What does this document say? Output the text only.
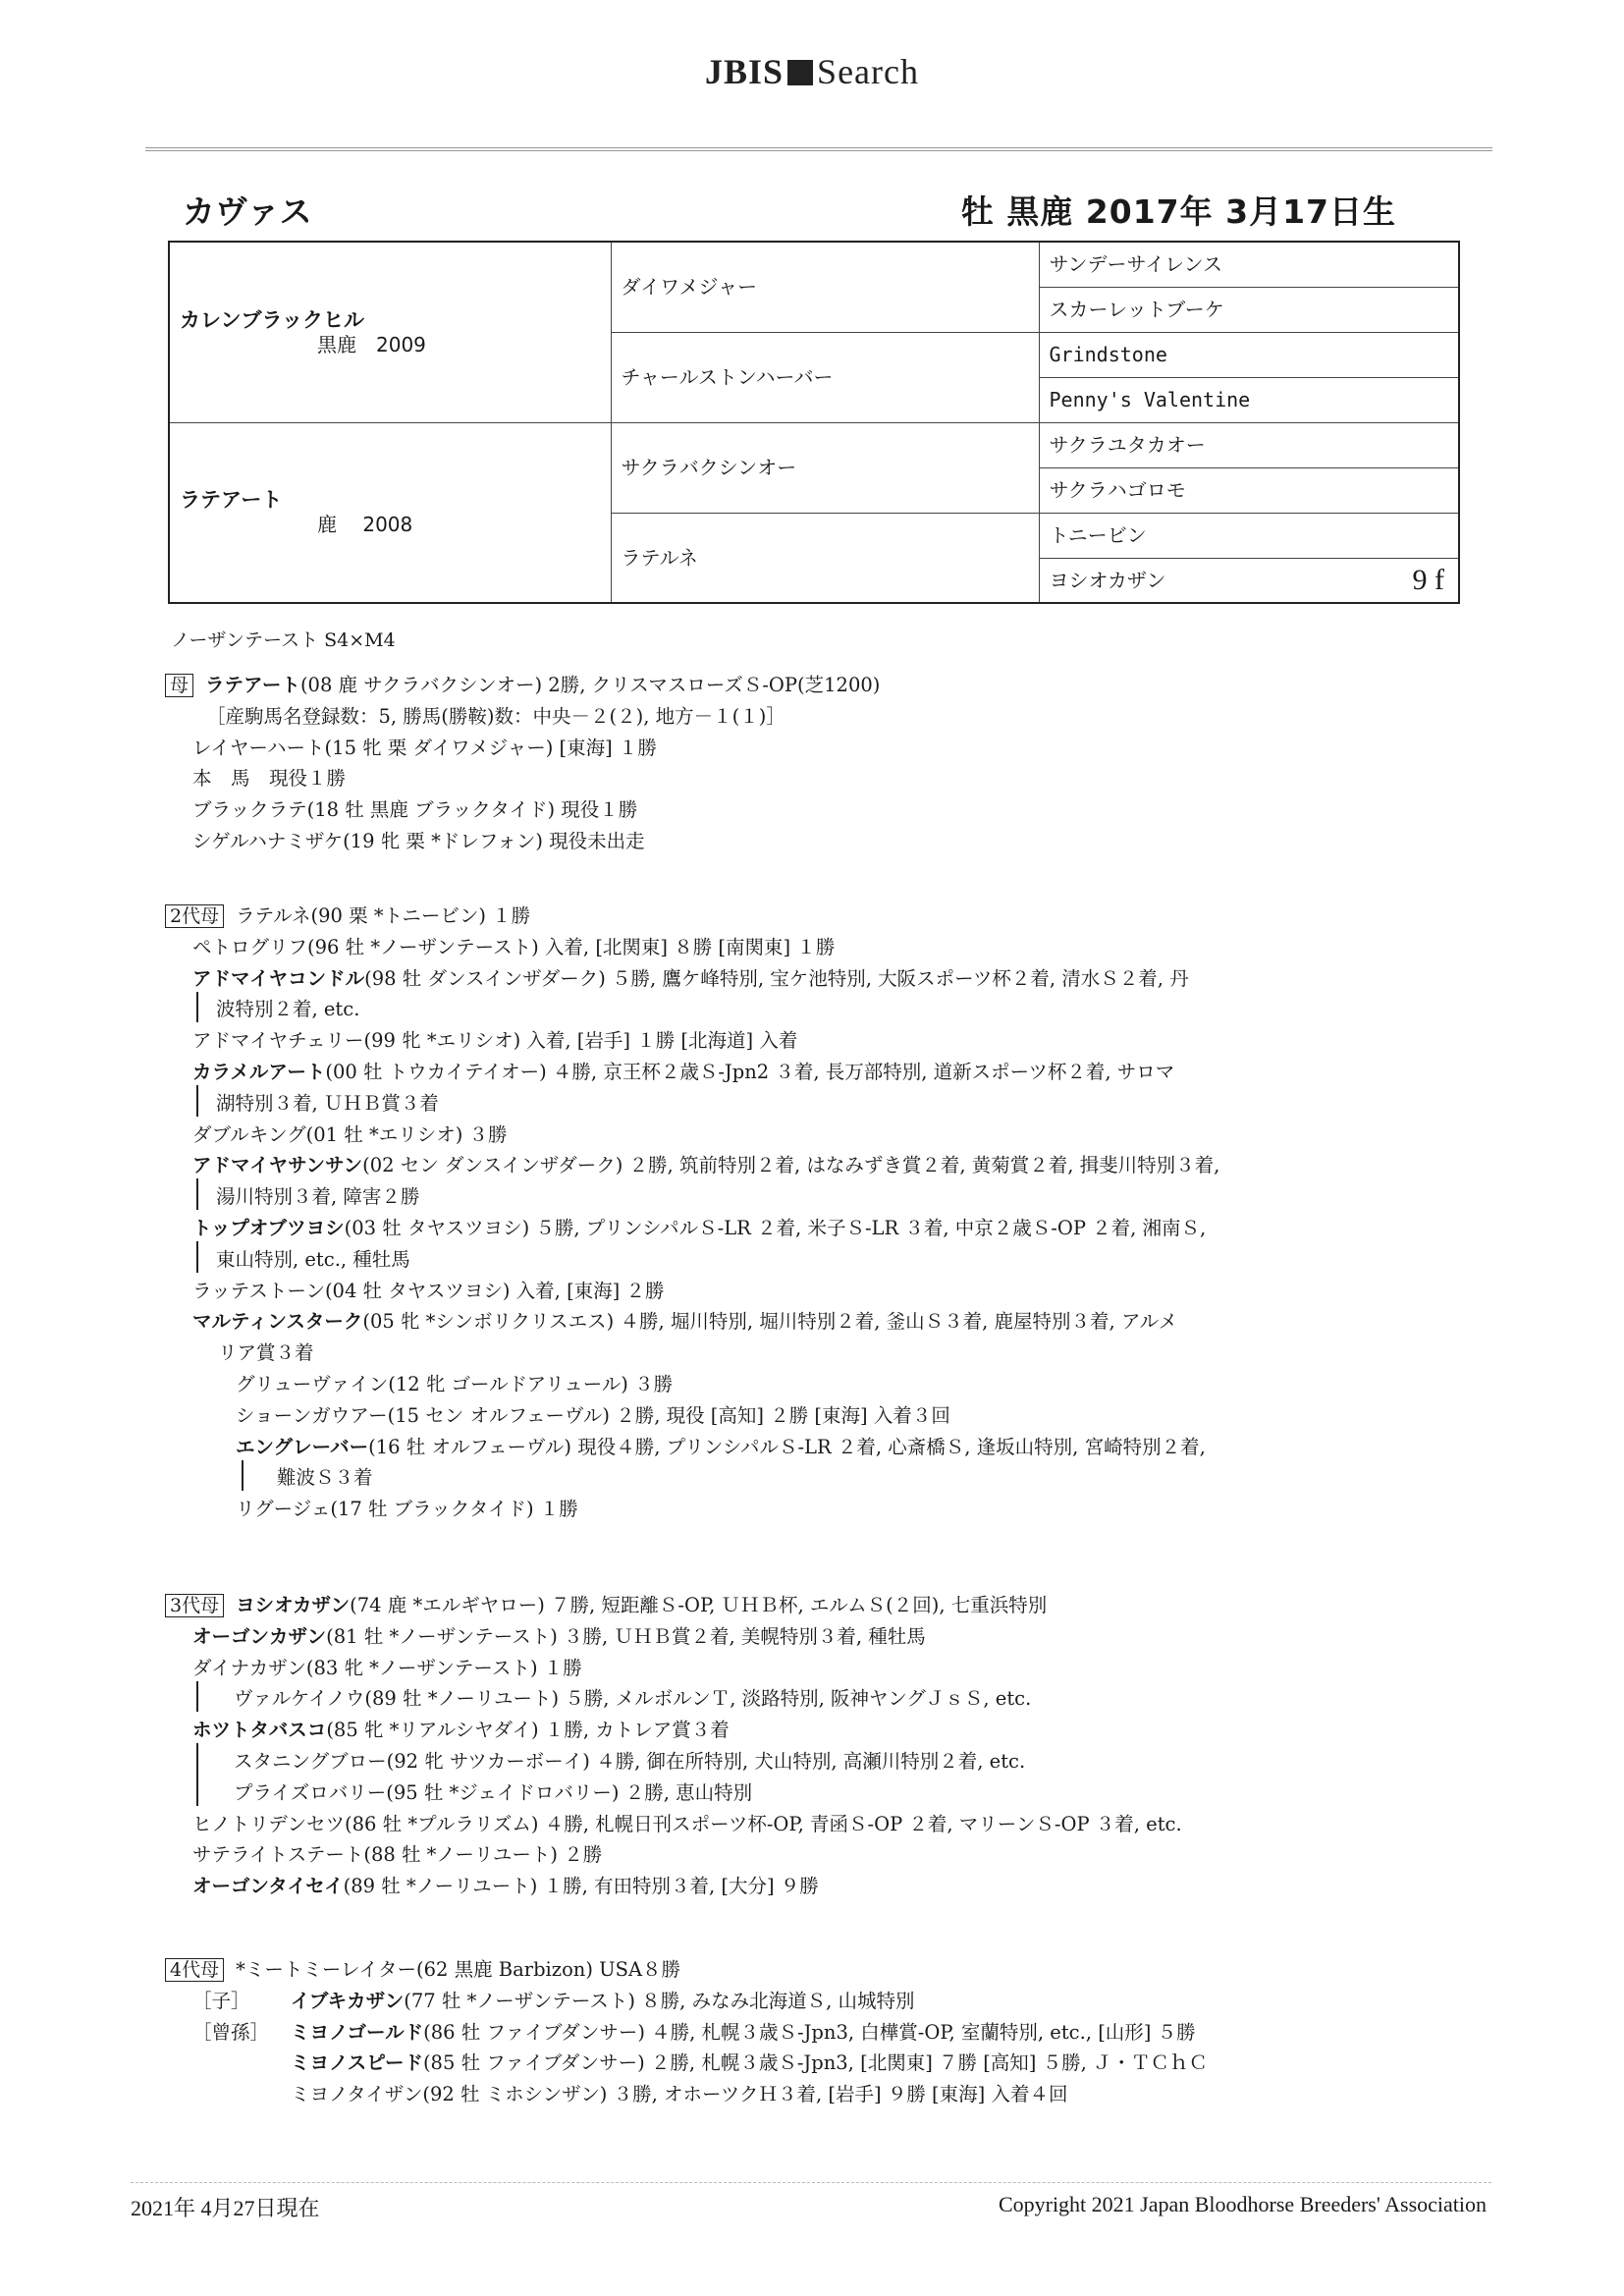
JBIS Search
カヴァス	牡 黒鹿 2017年 3月17日生
カレンブラックヒル
黒鹿　2009	ダイワメジャー	サンデーサイレンス
		スカーレットブーケ
	チャールストンハーバー	Grindstone
		Penny's Valentine

ラテアート
鹿　 2008	サクラバクシンオー	サクラユタカオー
		サクラハゴロモ
	ラテルネ	トニービン
		ヨシオカザン 9 f
ノーザンテースト S4×M4
母 ラテアート(08 鹿 サクラバクシンオー) 2勝, クリスマスローズＳ-OP(芝1200)
［産駒馬名登録数：5, 勝馬(勝鞍)数：中央－２(２), 地方－１(１)］
レイヤーハート(15 牝 栗 ダイワメジャー) [東海] １勝
本　馬　現役１勝
ブラックラテ(18 牡 黒鹿 ブラックタイド) 現役１勝
シゲルハナミザケ(19 牝 栗 *ドレフォン) 現役未出走
2代母 ラテルネ(90 栗 *トニービン) １勝
ペトログリフ(96 牡 *ノーザンテースト) 入着, [北関東] ８勝 [南関東] １勝
アドマイヤコンドル(98 牡 ダンスインザダーク) ５勝, 鷹ケ峰特別, 宝ケ池特別, 大阪スポーツ杯２着, 清水Ｓ２着, 丹
波特別２着, etc.
アドマイヤチェリー(99 牝 *エリシオ) 入着, [岩手] １勝 [北海道] 入着
カラメルアート(00 牡 トウカイテイオー) ４勝, 京王杯２歳Ｓ-Jpn2 ３着, 長万部特別, 道新スポーツ杯２着, サロマ
湖特別３着, ＵＨＢ賞３着
ダブルキング(01 牡 *エリシオ) ３勝
アドマイヤサンサン(02 セン ダンスインザダーク) ２勝, 筑前特別２着, はなみずき賞２着, 黄菊賞２着, 揖斐川特別３着,
湯川特別３着, 障害２勝
トップオブツヨシ(03 牡 タヤスツヨシ) ５勝, プリンシパルＳ-LR ２着, 米子Ｓ-LR ３着, 中京２歳Ｓ-OP ２着, 湘南Ｓ,
東山特別, etc., 種牡馬
ラッテストーン(04 牡 タヤスツヨシ) 入着, [東海] ２勝
マルティンスターク(05 牝 *シンボリクリスエス) ４勝, 堀川特別, 堀川特別２着, 釜山Ｓ３着, 鹿屋特別３着, アルメ
リア賞３着
グリューヴァイン(12 牝 ゴールドアリュール) ３勝
ショーンガウアー(15 セン オルフェーヴル) ２勝, 現役 [高知] ２勝 [東海] 入着３回
エングレーバー(16 牡 オルフェーヴル) 現役４勝, プリンシパルＳ-LR ２着, 心斎橋Ｓ, 逢坂山特別, 宮崎特別２着,
難波Ｓ３着
リグージェ(17 牡 ブラックタイド) １勝
3代母 ヨシオカザン(74 鹿 *エルギヤロー) ７勝, 短距離Ｓ-OP, ＵＨＢ杯, エルムＳ(２回), 七重浜特別
オーゴンカザン(81 牡 *ノーザンテースト) ３勝, ＵＨＢ賞２着, 美幌特別３着, 種牡馬
ダイナカザン(83 牝 *ノーザンテースト) １勝
ヴァルケイノウ(89 牡 *ノーリユート) ５勝, メルボルンＴ, 淡路特別, 阪神ヤングＪｓＳ, etc.
ホツトタバスコ(85 牝 *リアルシヤダイ) １勝, カトレア賞３着
スタニングブロー(92 牝 サツカーボーイ) ４勝, 御在所特別, 犬山特別, 高瀬川特別２着, etc.
プライズロバリー(95 牡 *ジェイドロバリー) ２勝, 恵山特別
ヒノトリデンセツ(86 牡 *プルラリズム) ４勝, 札幌日刊スポーツ杯-OP, 青函Ｓ-OP ２着, マリーンＳ-OP ３着, etc.
サテライトステート(88 牡 *ノーリユート) ２勝
オーゴンタイセイ(89 牡 *ノーリユート) １勝, 有田特別３着, [大分] ９勝
4代母 *ミートミーレイター(62 黒鹿 Barbizon) USA８勝
［子］ イブキカザン(77 牡 *ノーザンテースト) ８勝, みなみ北海道Ｓ, 山城特別
［曾孫］ ミヨノゴールド(86 牡 ファイブダンサー) ４勝, 札幌３歳Ｓ-Jpn3, 白樺賞-OP, 室蘭特別, etc., [山形] ５勝
ミヨノスピード(85 牡 ファイブダンサー) ２勝, 札幌３歳Ｓ-Jpn3, [北関東] ７勝 [高知] ５勝, Ｊ・ＴＣｈＣ
ミヨノタイザン(92 牡 ミホシンザン) ３勝, オホーツクＨ３着, [岩手] ９勝 [東海] 入着４回
2021年 4月27日現在	Copyright 2021 Japan Bloodhorse Breeders' Association
